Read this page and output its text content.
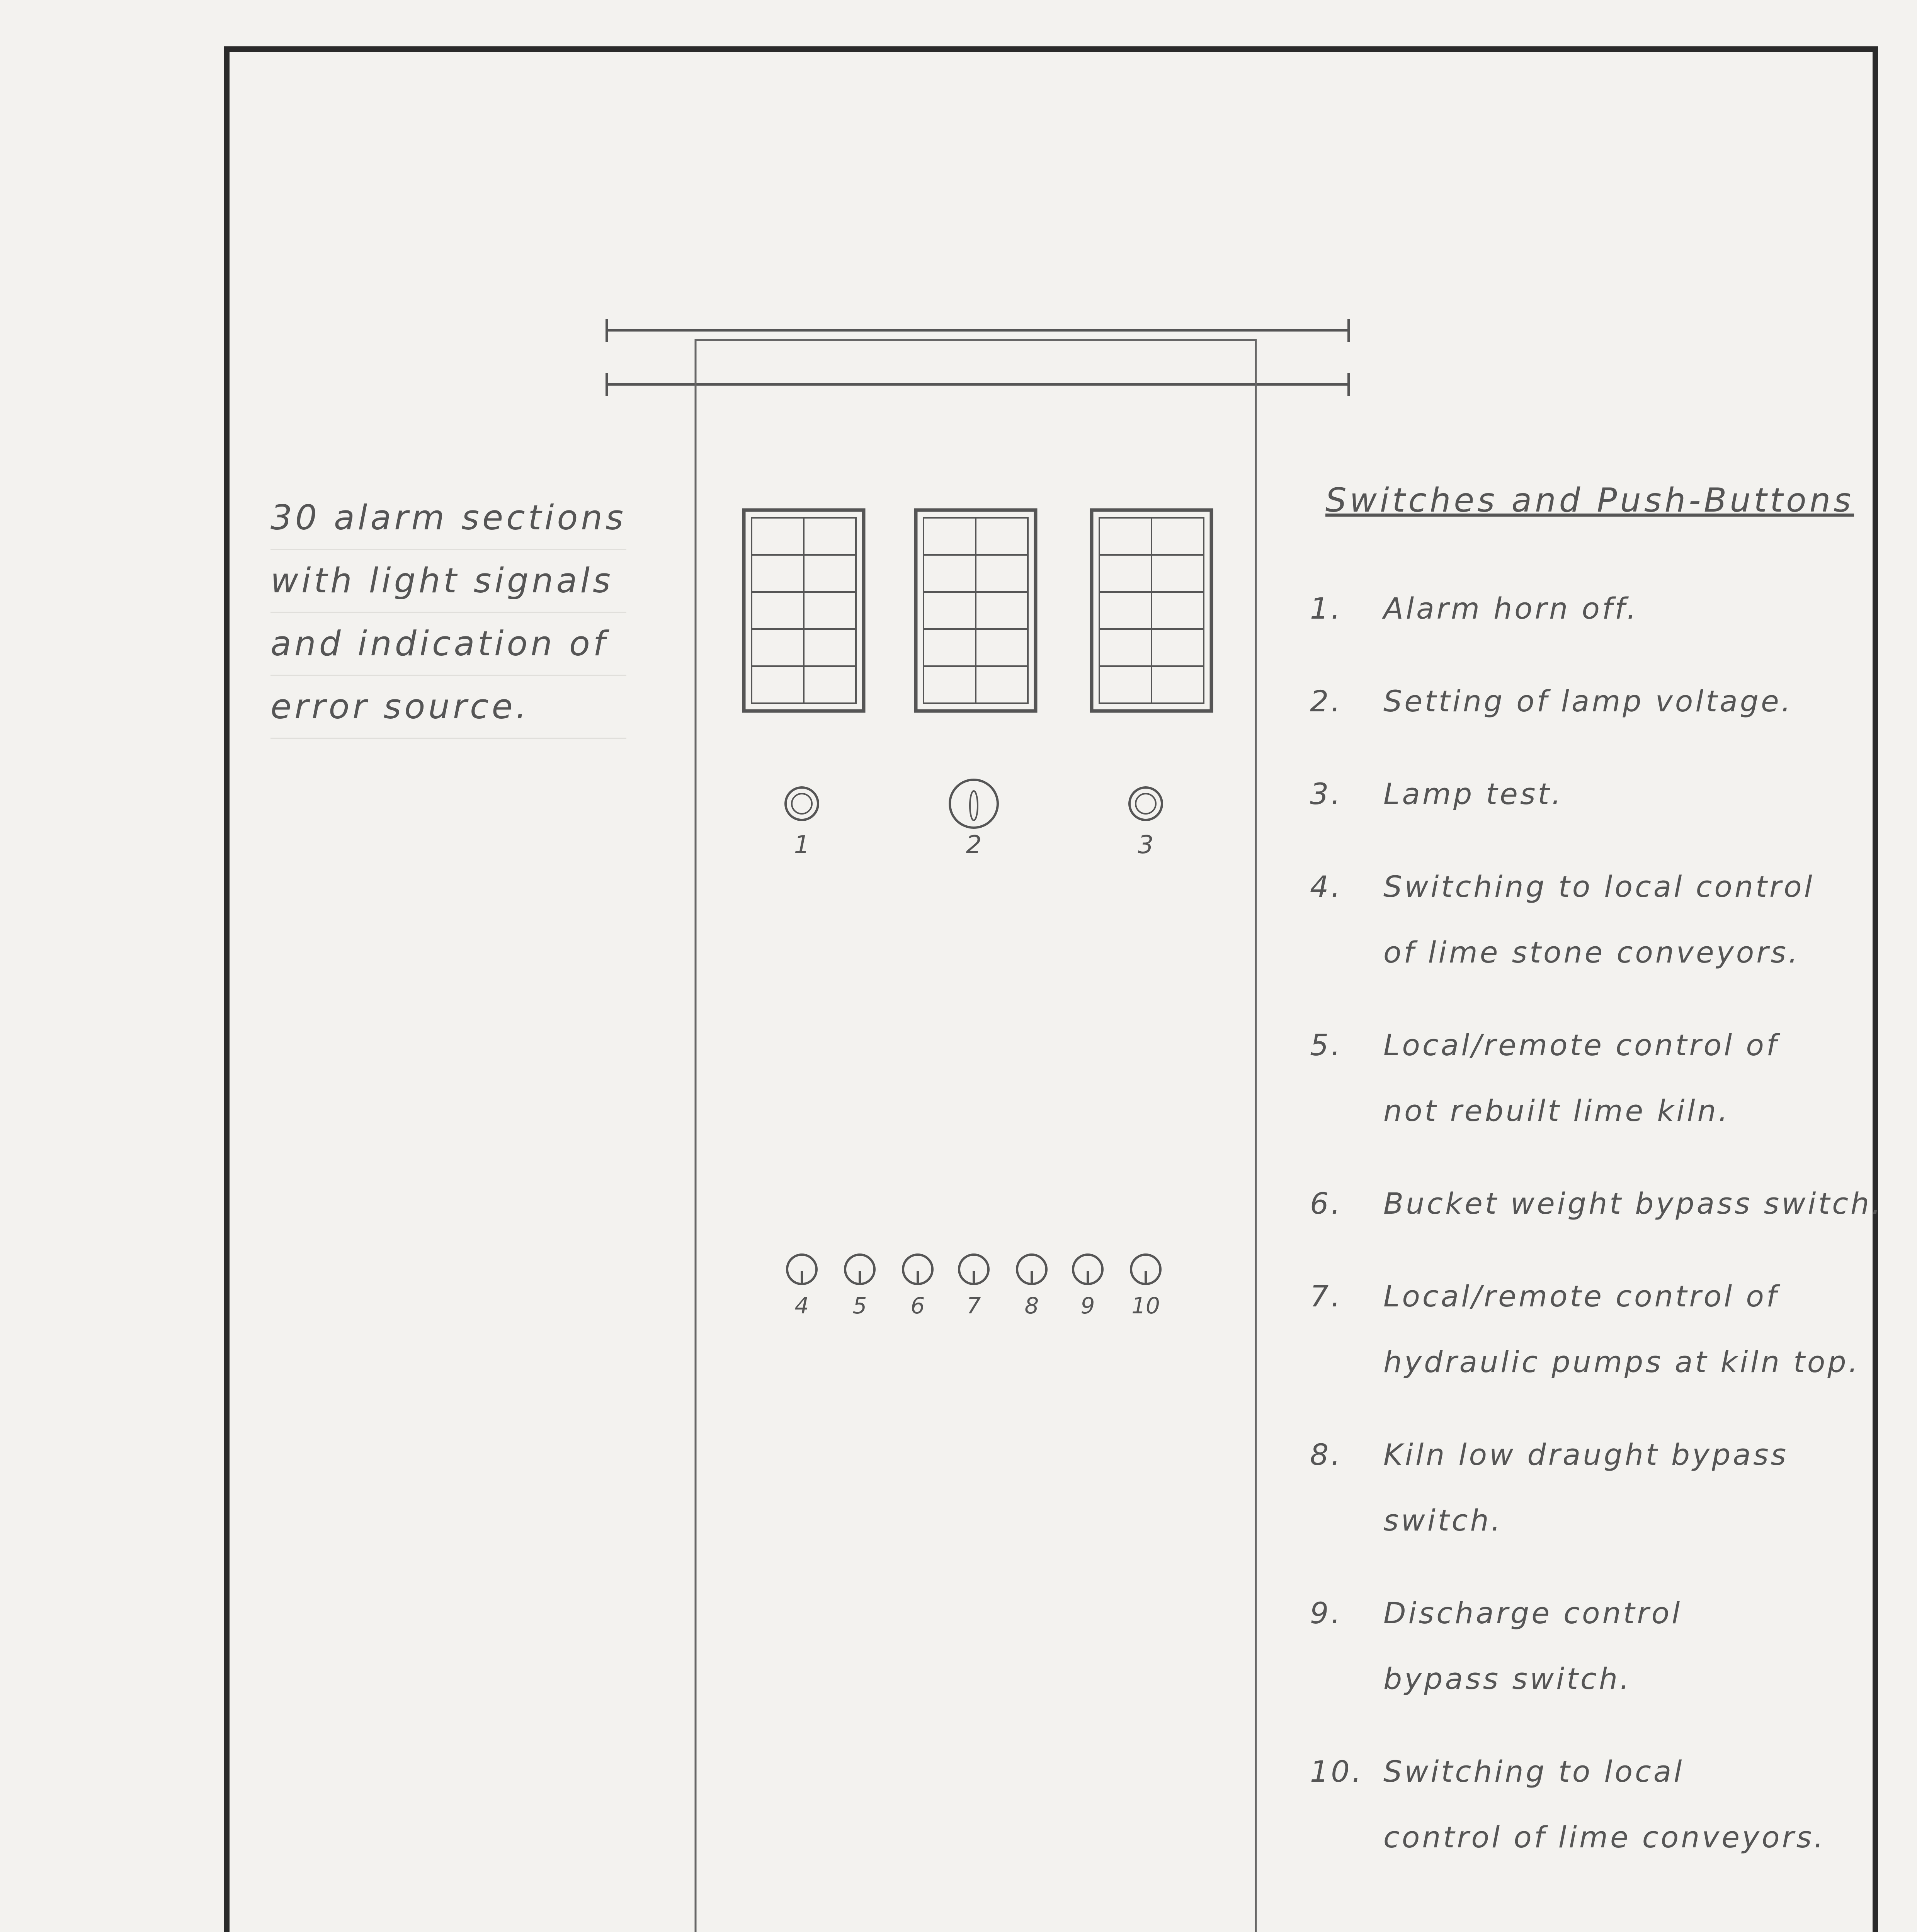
1	2	3
4	5	6	7	8	9	10
30 alarm sections
with light signals
and indication of
error source.
Switches and Push-Buttons
1. Alarm horn off.
2. Setting of lamp voltage.
3. Lamp test.
4. Switching to local control
of lime stone conveyors.
5. Local/remote control of
not rebuilt lime kiln.
6. Bucket weight bypass switch.
7. Local/remote control of
hydraulic pumps at kiln top.
8. Kiln low draught bypass
switch.
9. Discharge control
bypass switch.
10. Switching to local
control of lime conveyors.
